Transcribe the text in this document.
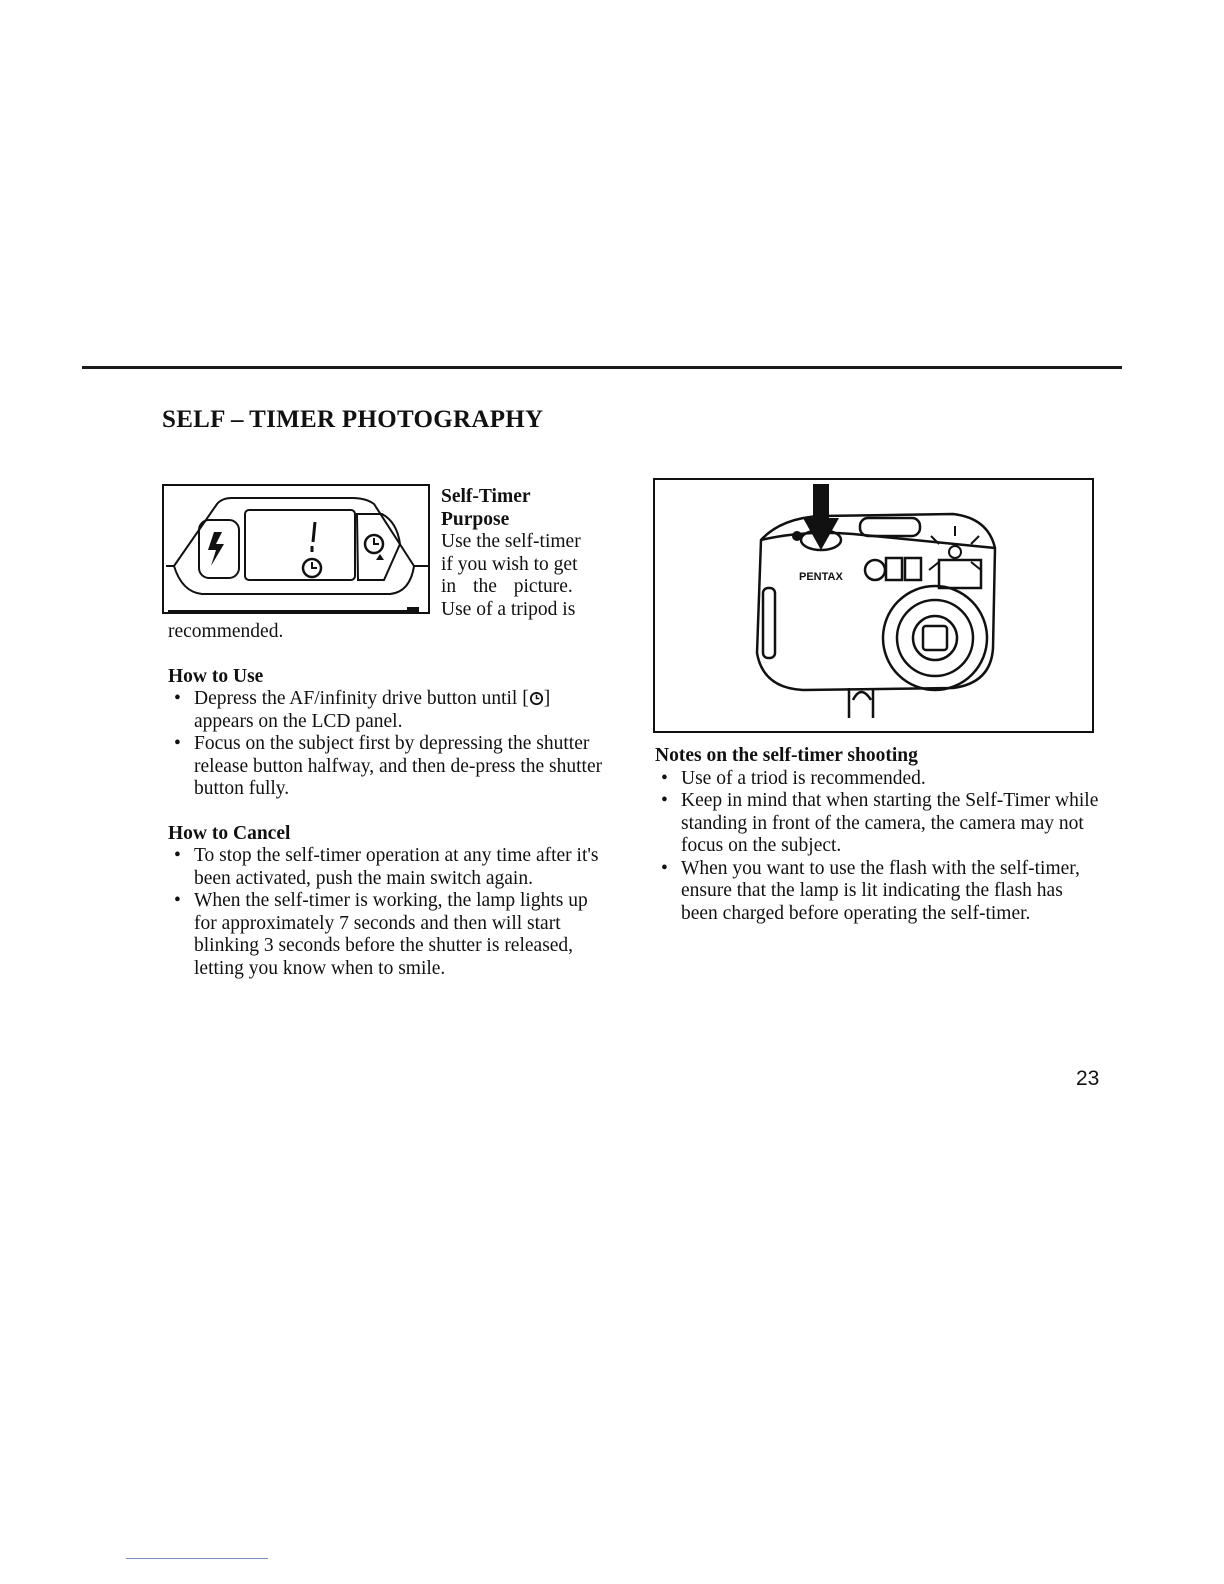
SELF – TIMER PHOTOGRAPHY

Self-Timer

Purpose

Use the self-timer

if you wish to get

in the picture.

Use of a tripod is

recommended.

How to Use

• Depress the AF/infinity drive button until [ ] appears on the LCD panel.
• Focus on the subject first by depressing the shutter release button halfway, and then de-press the shutter button fully.

How to Cancel

• To stop the self-timer operation at any time after it's been activated, push the main switch again.
• When the self-timer is working, the lamp lights up for approximately 7 seconds and then will start blinking 3 seconds before the shutter is released, letting you know when to smile.
PENTAX

Notes on the self-timer shooting

• Use of a triod is recommended.
• Keep in mind that when starting the Self-Timer while standing in front of the camera, the camera may not focus on the subject.
• When you want to use the flash with the self-timer, ensure that the lamp is lit indicating the flash has been charged before operating the self-timer.
23
